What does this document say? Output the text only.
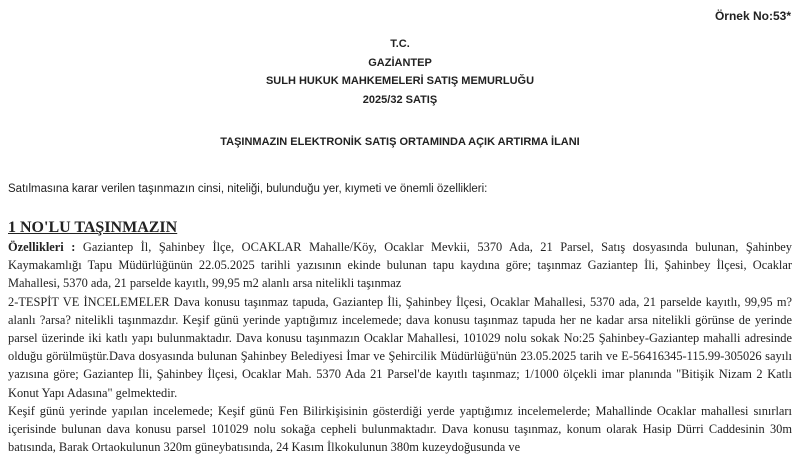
Örnek No:53*
T.C.
GAZİANTEP
SULH HUKUK MAHKEMELERİ SATIŞ MEMURLUĞU
2025/32 SATIŞ
TAŞINMAZIN ELEKTRONİK SATIŞ ORTAMINDA AÇIK ARTIRMA İLANI
Satılmasına karar verilen taşınmazın cinsi, niteliği, bulunduğu yer, kıymeti ve önemli özellikleri:
1 NO'LU TAŞINMAZIN

Özellikleri : Gaziantep İl, Şahinbey İlçe, OCAKLAR Mahalle/Köy, Ocaklar Mevkii, 5370 Ada, 21 Parsel, Satış dosyasında bulunan, Şahinbey Kaymakamlığı Tapu Müdürlüğünün 22.05.2025 tarihli yazısının ekinde bulunan tapu kaydına göre; taşınmaz Gaziantep İli, Şahinbey İlçesi, Ocaklar Mahallesi, 5370 ada, 21 parselde kayıtlı, 99,95 m2 alanlı arsa nitelikli taşınmaz

2-TESPİT VE İNCELEMELER Dava konusu taşınmaz tapuda, Gaziantep İli, Şahinbey İlçesi, Ocaklar Mahallesi, 5370 ada, 21 parselde kayıtlı, 99,95 m? alanlı ?arsa? nitelikli taşınmazdır. Keşif günü yerinde yaptığımız incelemede; dava konusu taşınmaz tapuda her ne kadar arsa nitelikli görünse de yerinde parsel üzerinde iki katlı yapı bulunmaktadır. Dava konusu taşınmazın Ocaklar Mahallesi, 101029 nolu sokak No:25 Şahinbey-Gaziantep mahalli adresinde olduğu görülmüştür.Dava dosyasında bulunan Şahinbey Belediyesi İmar ve Şehircilik Müdürlüğü'nün 23.05.2025 tarih ve E-56416345-115.99-305026 sayılı yazısına göre; Gaziantep İli, Şahinbey İlçesi, Ocaklar Mah. 5370 Ada 21 Parsel'de kayıtlı taşınmaz; 1/1000 ölçekli imar planında "Bitişik Nizam 2 Katlı Konut Yapı Adasına" gelmektedir.

Keşif günü yerinde yapılan incelemede; Keşif günü Fen Bilirkişisinin gösterdiği yerde yaptığımız incelemelerde; Mahallinde Ocaklar mahallesi sınırları içerisinde bulunan dava konusu parsel 101029 nolu sokağa cepheli bulunmaktadır. Dava konusu taşınmaz, konum olarak Hasip Dürri Caddesinin 30m batısında, Barak Ortaokulunun 320m güneybatısında, 24 Kasım İlkokulunun 380m kuzeydoğusunda ve
